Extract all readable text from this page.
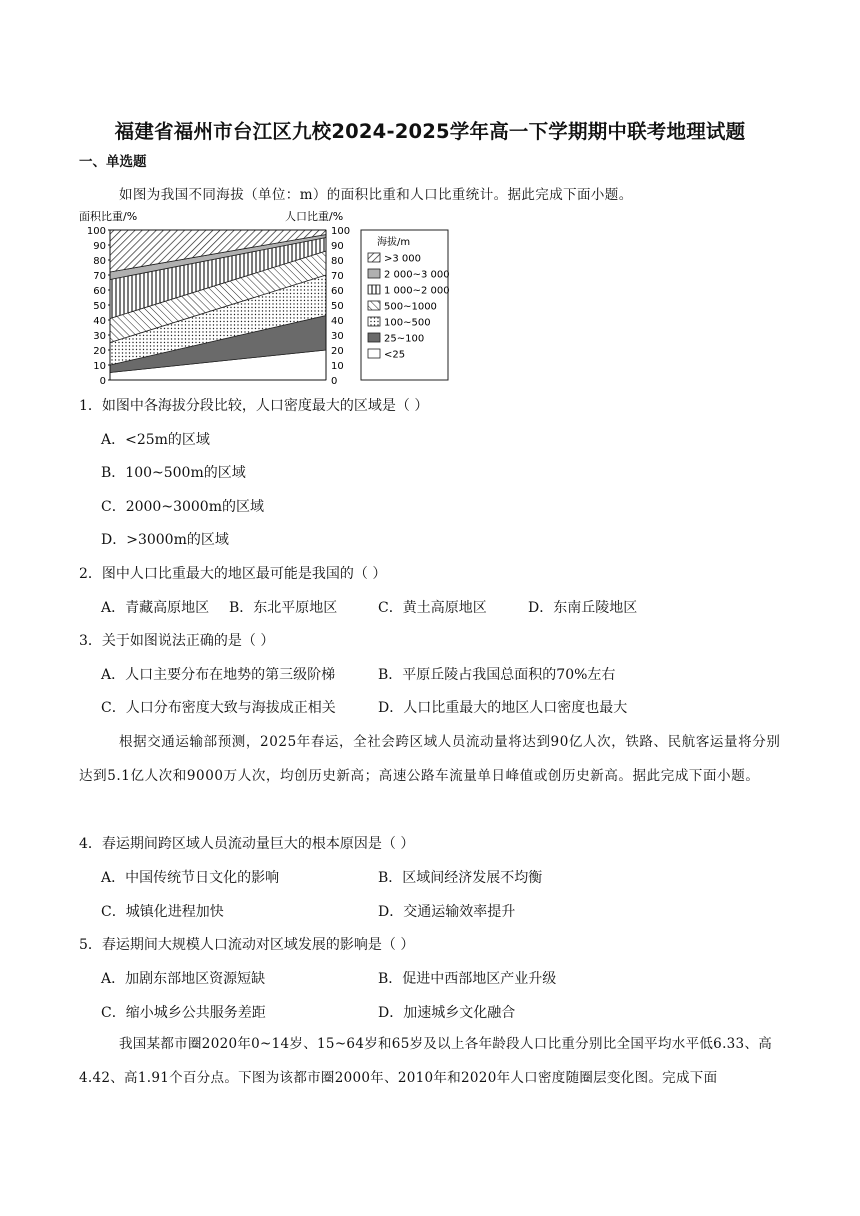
福建省福州市台江区九校2024-2025学年高一下学期期中联考地理试题
一、单选题
如图为我国不同海拔（单位：m）的面积比重和人口比重统计。据此完成下面小题。
面积比重/%	人口比重/%
0	0
10	10
20	20
30	30
40	40
50	50
60	60
70	70
80	80
90	90
100	100
海拔/m
>3 000
2 000~3 000
1 000~2 000
500~1000
100~500
25~100
<25
1．如图中各海拔分段比较，人口密度最大的区域是（ ）
A．<25m的区域
B．100~500m的区域
C．2000~3000m的区域
D．>3000m的区域
2．图中人口比重最大的地区最可能是我国的（ ）
A．青藏高原地区 B．东北平原地区	C．黄土高原地区	D．东南丘陵地区
3．关于如图说法正确的是（ ）
A．人口主要分布在地势的第三级阶梯	B．平原丘陵占我国总面积的70%左右
C．人口分布密度大致与海拔成正相关	D．人口比重最大的地区人口密度也最大
根据交通运输部预测，2025年春运，全社会跨区域人员流动量将达到90亿人次，铁路、民航客运量将分别达到5.1亿人次和9000万人次，均创历史新高；高速公路车流量单日峰值或创历史新高。据此完成下面小题。
4．春运期间跨区域人员流动量巨大的根本原因是（ ）
A．中国传统节日文化的影响	B．区域间经济发展不均衡
C．城镇化进程加快	D．交通运输效率提升
5．春运期间大规模人口流动对区域发展的影响是（ ）
A．加剧东部地区资源短缺	B．促进中西部地区产业升级
C．缩小城乡公共服务差距	D．加速城乡文化融合
我国某都市圈2020年0~14岁、15~64岁和65岁及以上各年龄段人口比重分别比全国平均水平低6.33、高4.42、高1.91个百分点。下图为该都市圈2000年、2010年和2020年人口密度随圈层变化图。完成下面
